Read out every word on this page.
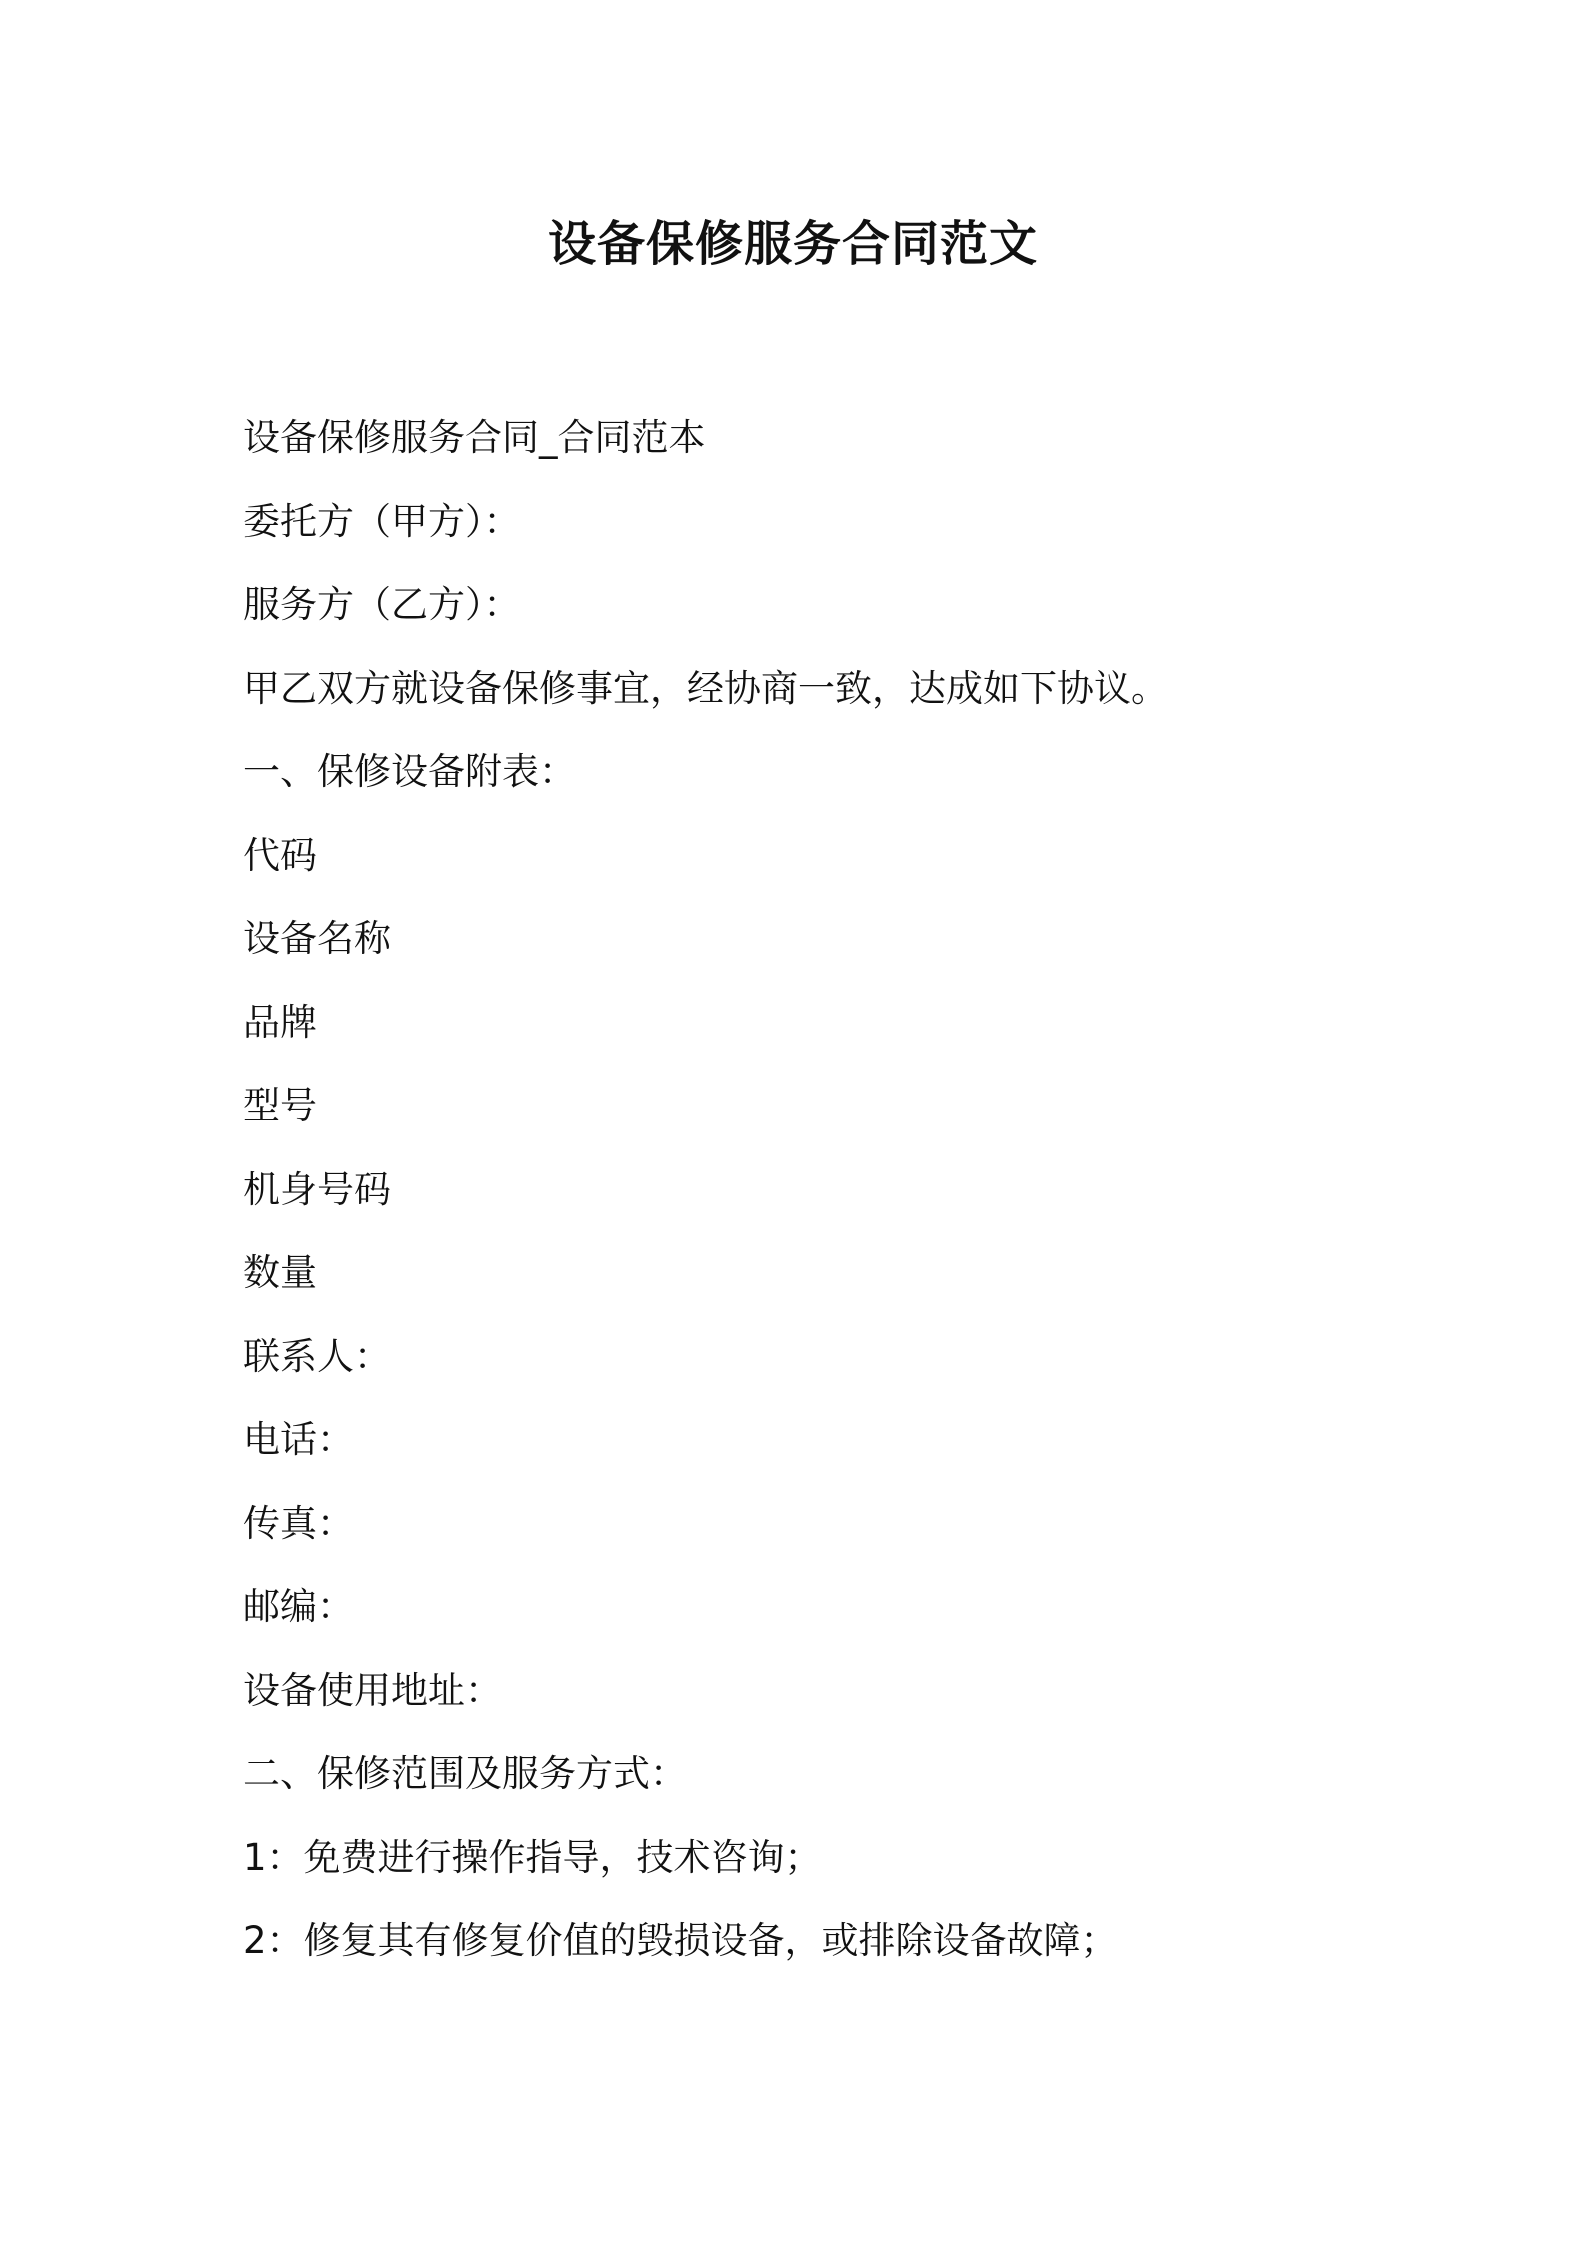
设备保修服务合同范文
设备保修服务合同_合同范本
委托方（甲方）：
服务方（乙方）：
甲乙双方就设备保修事宜，经协商一致，达成如下协议。
一、保修设备附表：
代码
设备名称
品牌
型号
机身号码
数量
联系人：
电话：
传真：
邮编：
设备使用地址：
二、保修范围及服务方式：
1：免费进行操作指导，技术咨询；
2：修复其有修复价值的毁损设备，或排除设备故障；
